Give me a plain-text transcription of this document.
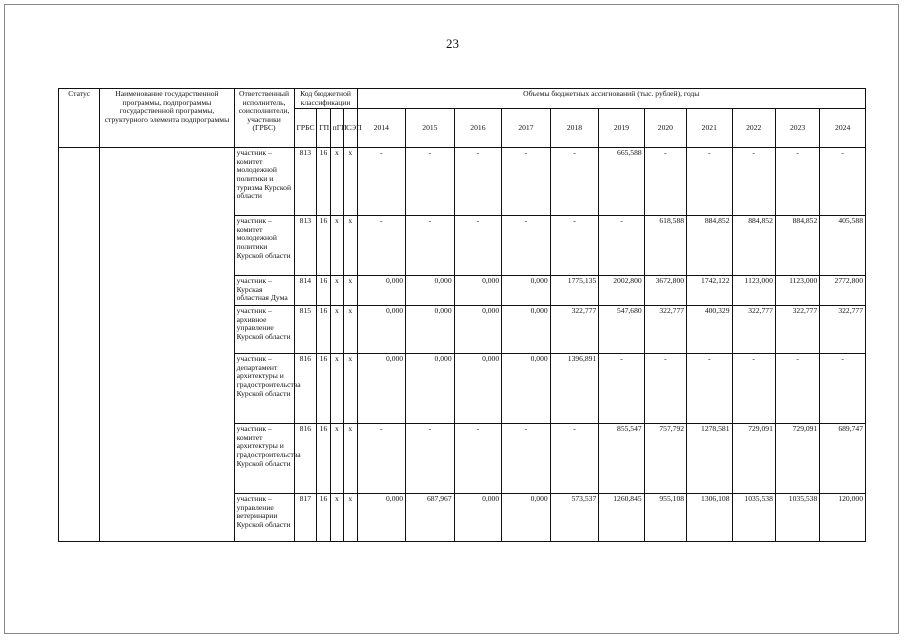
23
Статус	Наименование государственной программы, подпрограммы государственной программы, структурного элемента подпрограммы	Ответственный исполнитель, соисполнители, участники (ГРБС)	Код бюджетной классификации				Объемы бюджетных ассигнований (тыс. рублей), годы										
			ГРБС	ГП	пГП	СЭП	2014	2015	2016	2017	2018	2019	2020	2021	2022	2023	2024
		участник – комитет молодежной политики и туризма Курской области	813	16	х	х	-	-	-	-	-	665,588	-	-	-	-	-
		участник – комитет молодежной политики Курской области	813	16	х	х	-	-	-	-	-	-	618,588	884,852	884,852	884,852	405,588
		участник – Курская областная Дума	814	16	х	х	0,000	0,000	0,000	0,000	1775,135	2002,800	3672,800	1742,122	1123,000	1123,000	2772,800
		участник – архивное управление Курской области	815	16	х	х	0,000	0,000	0,000	0,000	322,777	547,680	322,777	400,329	322,777	322,777	322,777
		участник – департамент архитектуры и градостроительства Курской области	816	16	х	х	0,000	0,000	0,000	0,000	1396,891	-	-	-	-	-	-
		участник – комитет архитектуры и градостроительства Курской области	816	16	х	х	-	-	-	-	-	855,547	757,792	1278,581	729,091	729,091	689,747
		участник – управление ветеринарии Курской области	817	16	х	х	0,000	687,967	0,000	0,000	573,537	1260,845	955,108	1306,108	1035,538	1035,538	120,000
